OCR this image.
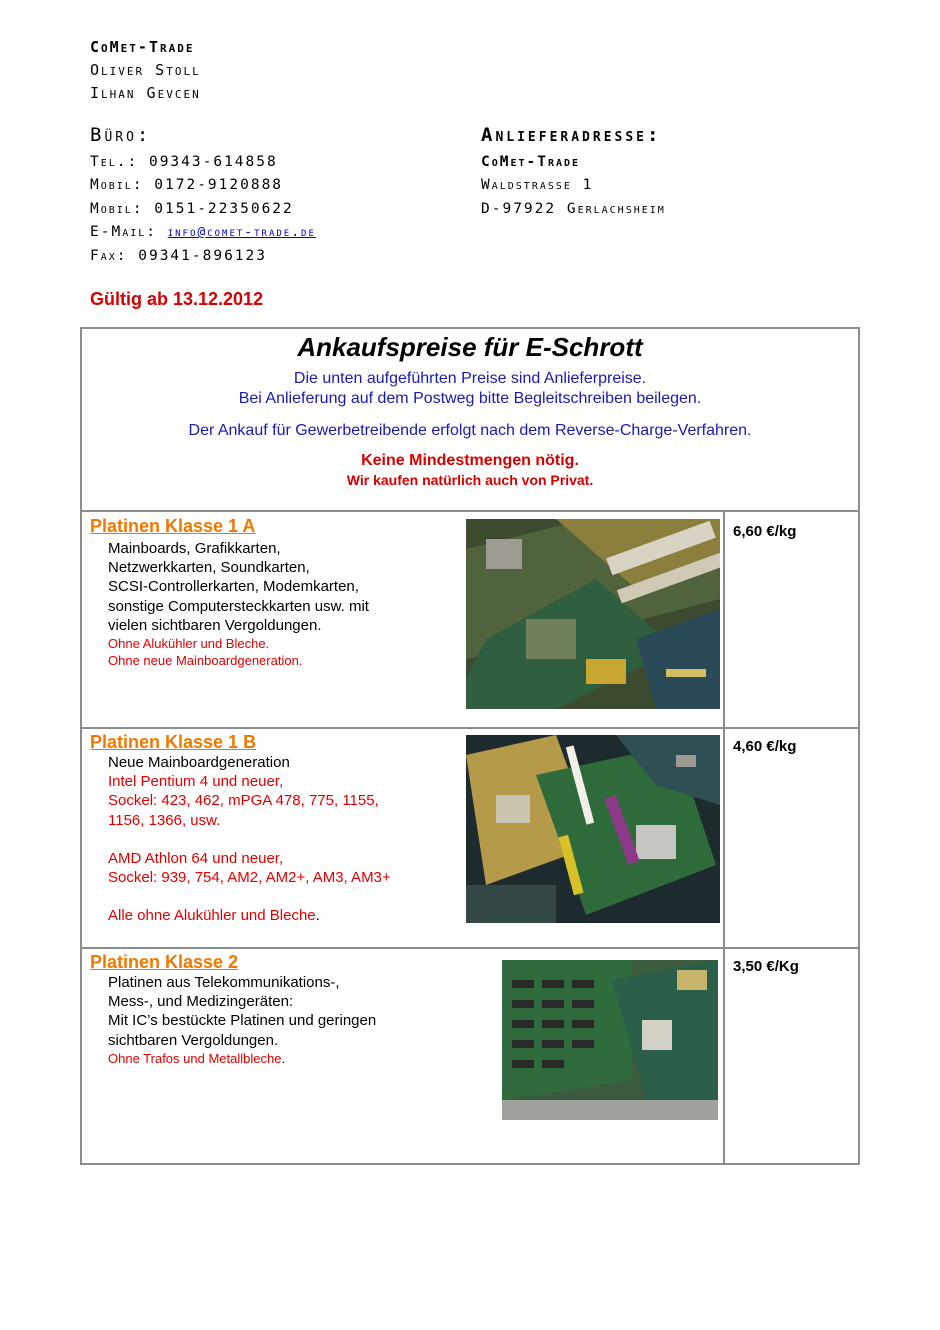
CoMet-Trade
Oliver Stoll
Ilhan Gevcen
Büro:
Tel.: 09343-614858
Mobil: 0172-9120888
Mobil: 0151-22350622
E-Mail: info@comet-trade.de
Fax: 09341-896123
Anlieferadresse:
CoMet-Trade
Waldstrasse 1
D-97922 Gerlachsheim
Gültig ab 13.12.2012
Ankaufspreise für E-Schrott
Die unten aufgeführten Preise sind Anlieferpreise.
Bei Anlieferung auf dem Postweg bitte Begleitschreiben beilegen.
Der Ankauf für Gewerbetreibende erfolgt nach dem Reverse-Charge-Verfahren.
Keine Mindestmengen nötig.
Wir kaufen natürlich auch von Privat.
Platinen Klasse 1 A
Mainboards, Grafikkarten,
Netzwerkkarten, Soundkarten,
SCSI-Controllerkarten, Modemkarten,
sonstige Computersteckkarten usw. mit
vielen sichtbaren Vergoldungen.
Ohne Alukühler und Bleche.
Ohne neue Mainboardgeneration.
6,60 €/kg
Platinen Klasse 1 B
Neue Mainboardgeneration
Intel Pentium 4 und neuer,
Sockel: 423, 462, mPGA 478, 775, 1155,
1156, 1366, usw.
AMD Athlon 64 und neuer,
Sockel: 939, 754, AM2, AM2+, AM3, AM3+
Alle ohne Alukühler und Bleche.
4,60 €/kg
Platinen Klasse 2
Platinen aus Telekommunikations-,
Mess-, und Medizingeräten:
Mit IC’s bestückte Platinen und geringen
sichtbaren Vergoldungen.
Ohne Trafos und Metallbleche.
3,50 €/Kg
